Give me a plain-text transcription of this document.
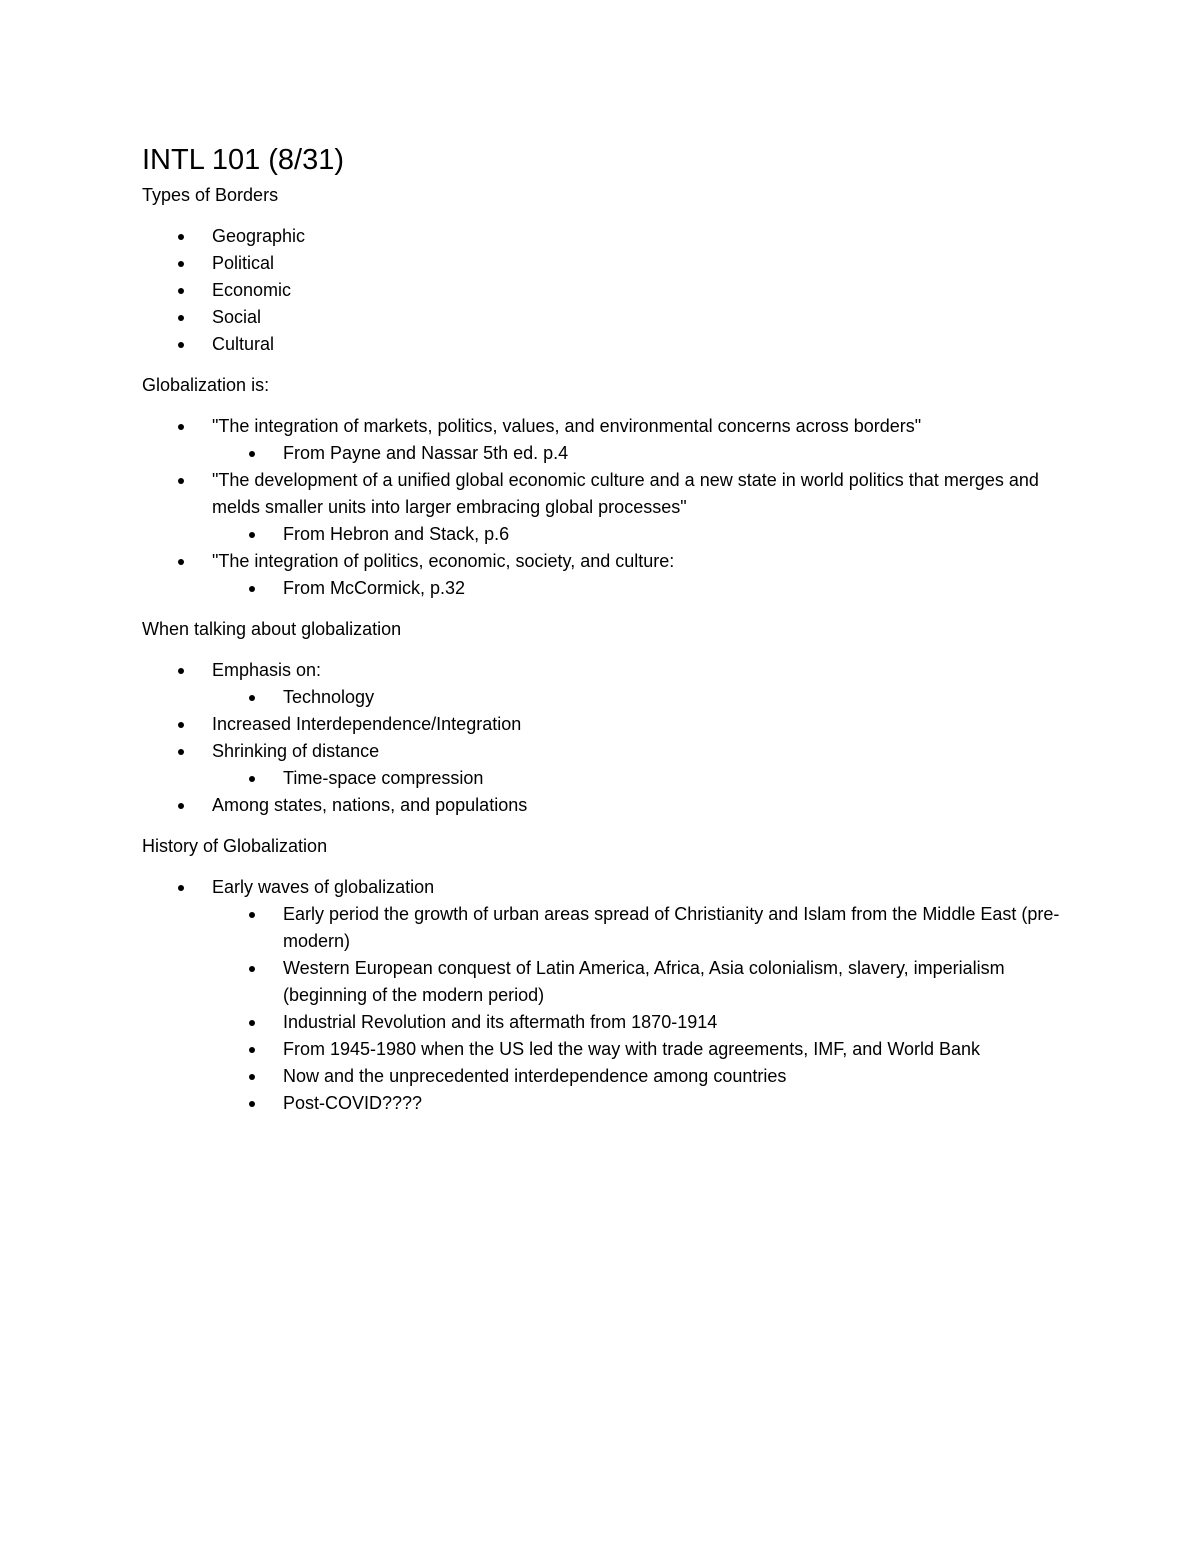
INTL 101 (8/31)

Types of Borders

Geographic
Political
Economic
Social
Cultural

Globalization is:

"The integration of markets, politics, values, and environmental concerns across borders"
From Payne and Nassar 5th ed. p.4
"The development of a unified global economic culture and a new state in world politics that merges and melds smaller units into larger embracing global processes"
From Hebron and Stack, p.6
"The integration of politics, economic, society, and culture:
From McCormick, p.32

When talking about globalization

Emphasis on:
Technology
Increased Interdependence/Integration
Shrinking of distance
Time-space compression
Among states, nations, and populations

History of Globalization

Early waves of globalization
Early period the growth of urban areas spread of Christianity and Islam from the Middle East (pre-modern)
Western European conquest of Latin America, Africa, Asia colonialism, slavery, imperialism (beginning of the modern period)
Industrial Revolution and its aftermath from 1870-1914
From 1945-1980 when the US led the way with trade agreements, IMF, and World Bank
Now and the unprecedented interdependence among countries
Post-COVID????
